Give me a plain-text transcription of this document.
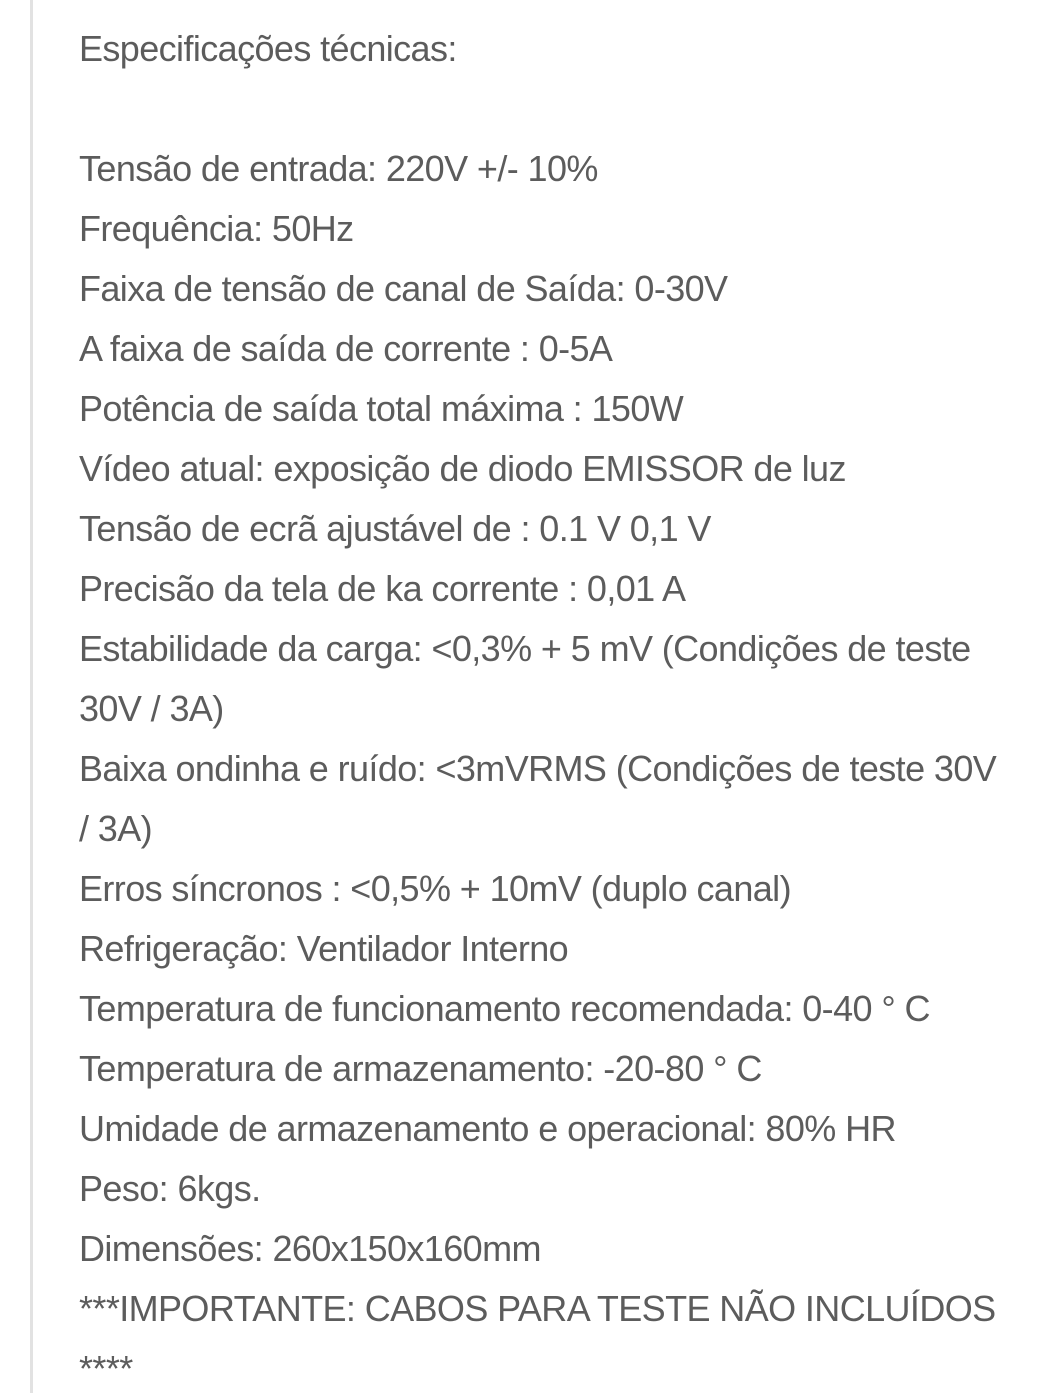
Especificações técnicas:
Tensão de entrada: 220V +/- 10%
Frequência: 50Hz
Faixa de tensão de canal de Saída: 0-30V
A faixa de saída de corrente : 0-5A
Potência de saída total máxima : 150W
Vídeo atual: exposição de diodo EMISSOR de luz
Tensão de ecrã ajustável de : 0.1 V 0,1 V
Precisão da tela de ka corrente : 0,01 A
Estabilidade da carga: <0,3% + 5 mV (Condições de teste 30V / 3A)
Baixa ondinha e ruído: <3mVRMS (Condições de teste 30V / 3A)
Erros síncronos : <0,5% + 10mV (duplo canal)
Refrigeração: Ventilador Interno
Temperatura de funcionamento recomendada: 0-40 ° C
Temperatura de armazenamento: -20-80 ° C
Umidade de armazenamento e operacional: 80% HR
Peso: 6kgs.
Dimensões: 260x150x160mm
***IMPORTANTE: CABOS PARA TESTE NÃO INCLUÍDOS ****
